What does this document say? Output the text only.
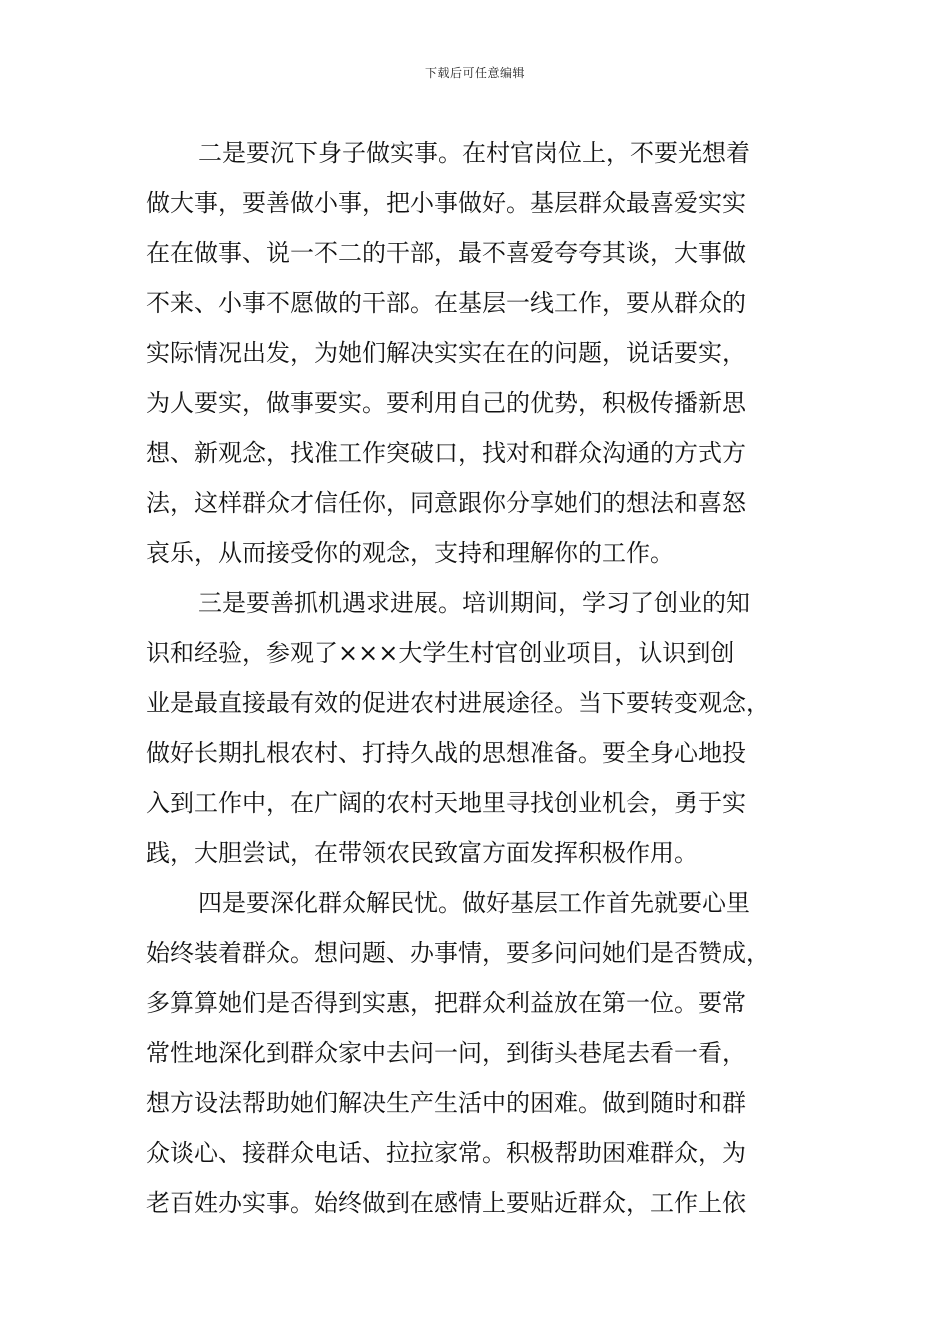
下载后可任意编辑
二是要沉下身子做实事。在村官岗位上，不要光想着
做大事，要善做小事，把小事做好。基层群众最喜爱实实
在在做事、说一不二的干部，最不喜爱夸夸其谈，大事做
不来、小事不愿做的干部。在基层一线工作，要从群众的
实际情况出发，为她们解决实实在在的问题，说话要实，
为人要实，做事要实。要利用自己的优势，积极传播新思
想、新观念，找准工作突破口，找对和群众沟通的方式方
法，这样群众才信任你，同意跟你分享她们的想法和喜怒
哀乐，从而接受你的观念，支持和理解你的工作。
三是要善抓机遇求进展。培训期间，学习了创业的知
识和经验，参观了×××大学生村官创业项目，认识到创
业是最直接最有效的促进农村进展途径。当下要转变观念，
做好长期扎根农村、打持久战的思想准备。要全身心地投
入到工作中，在广阔的农村天地里寻找创业机会，勇于实
践，大胆尝试，在带领农民致富方面发挥积极作用。
四是要深化群众解民忧。做好基层工作首先就要心里
始终装着群众。想问题、办事情，要多问问她们是否赞成，
多算算她们是否得到实惠，把群众利益放在第一位。要常
常性地深化到群众家中去问一问，到街头巷尾去看一看，
想方设法帮助她们解决生产生活中的困难。做到随时和群
众谈心、接群众电话、拉拉家常。积极帮助困难群众，为
老百姓办实事。始终做到在感情上要贴近群众，工作上依
